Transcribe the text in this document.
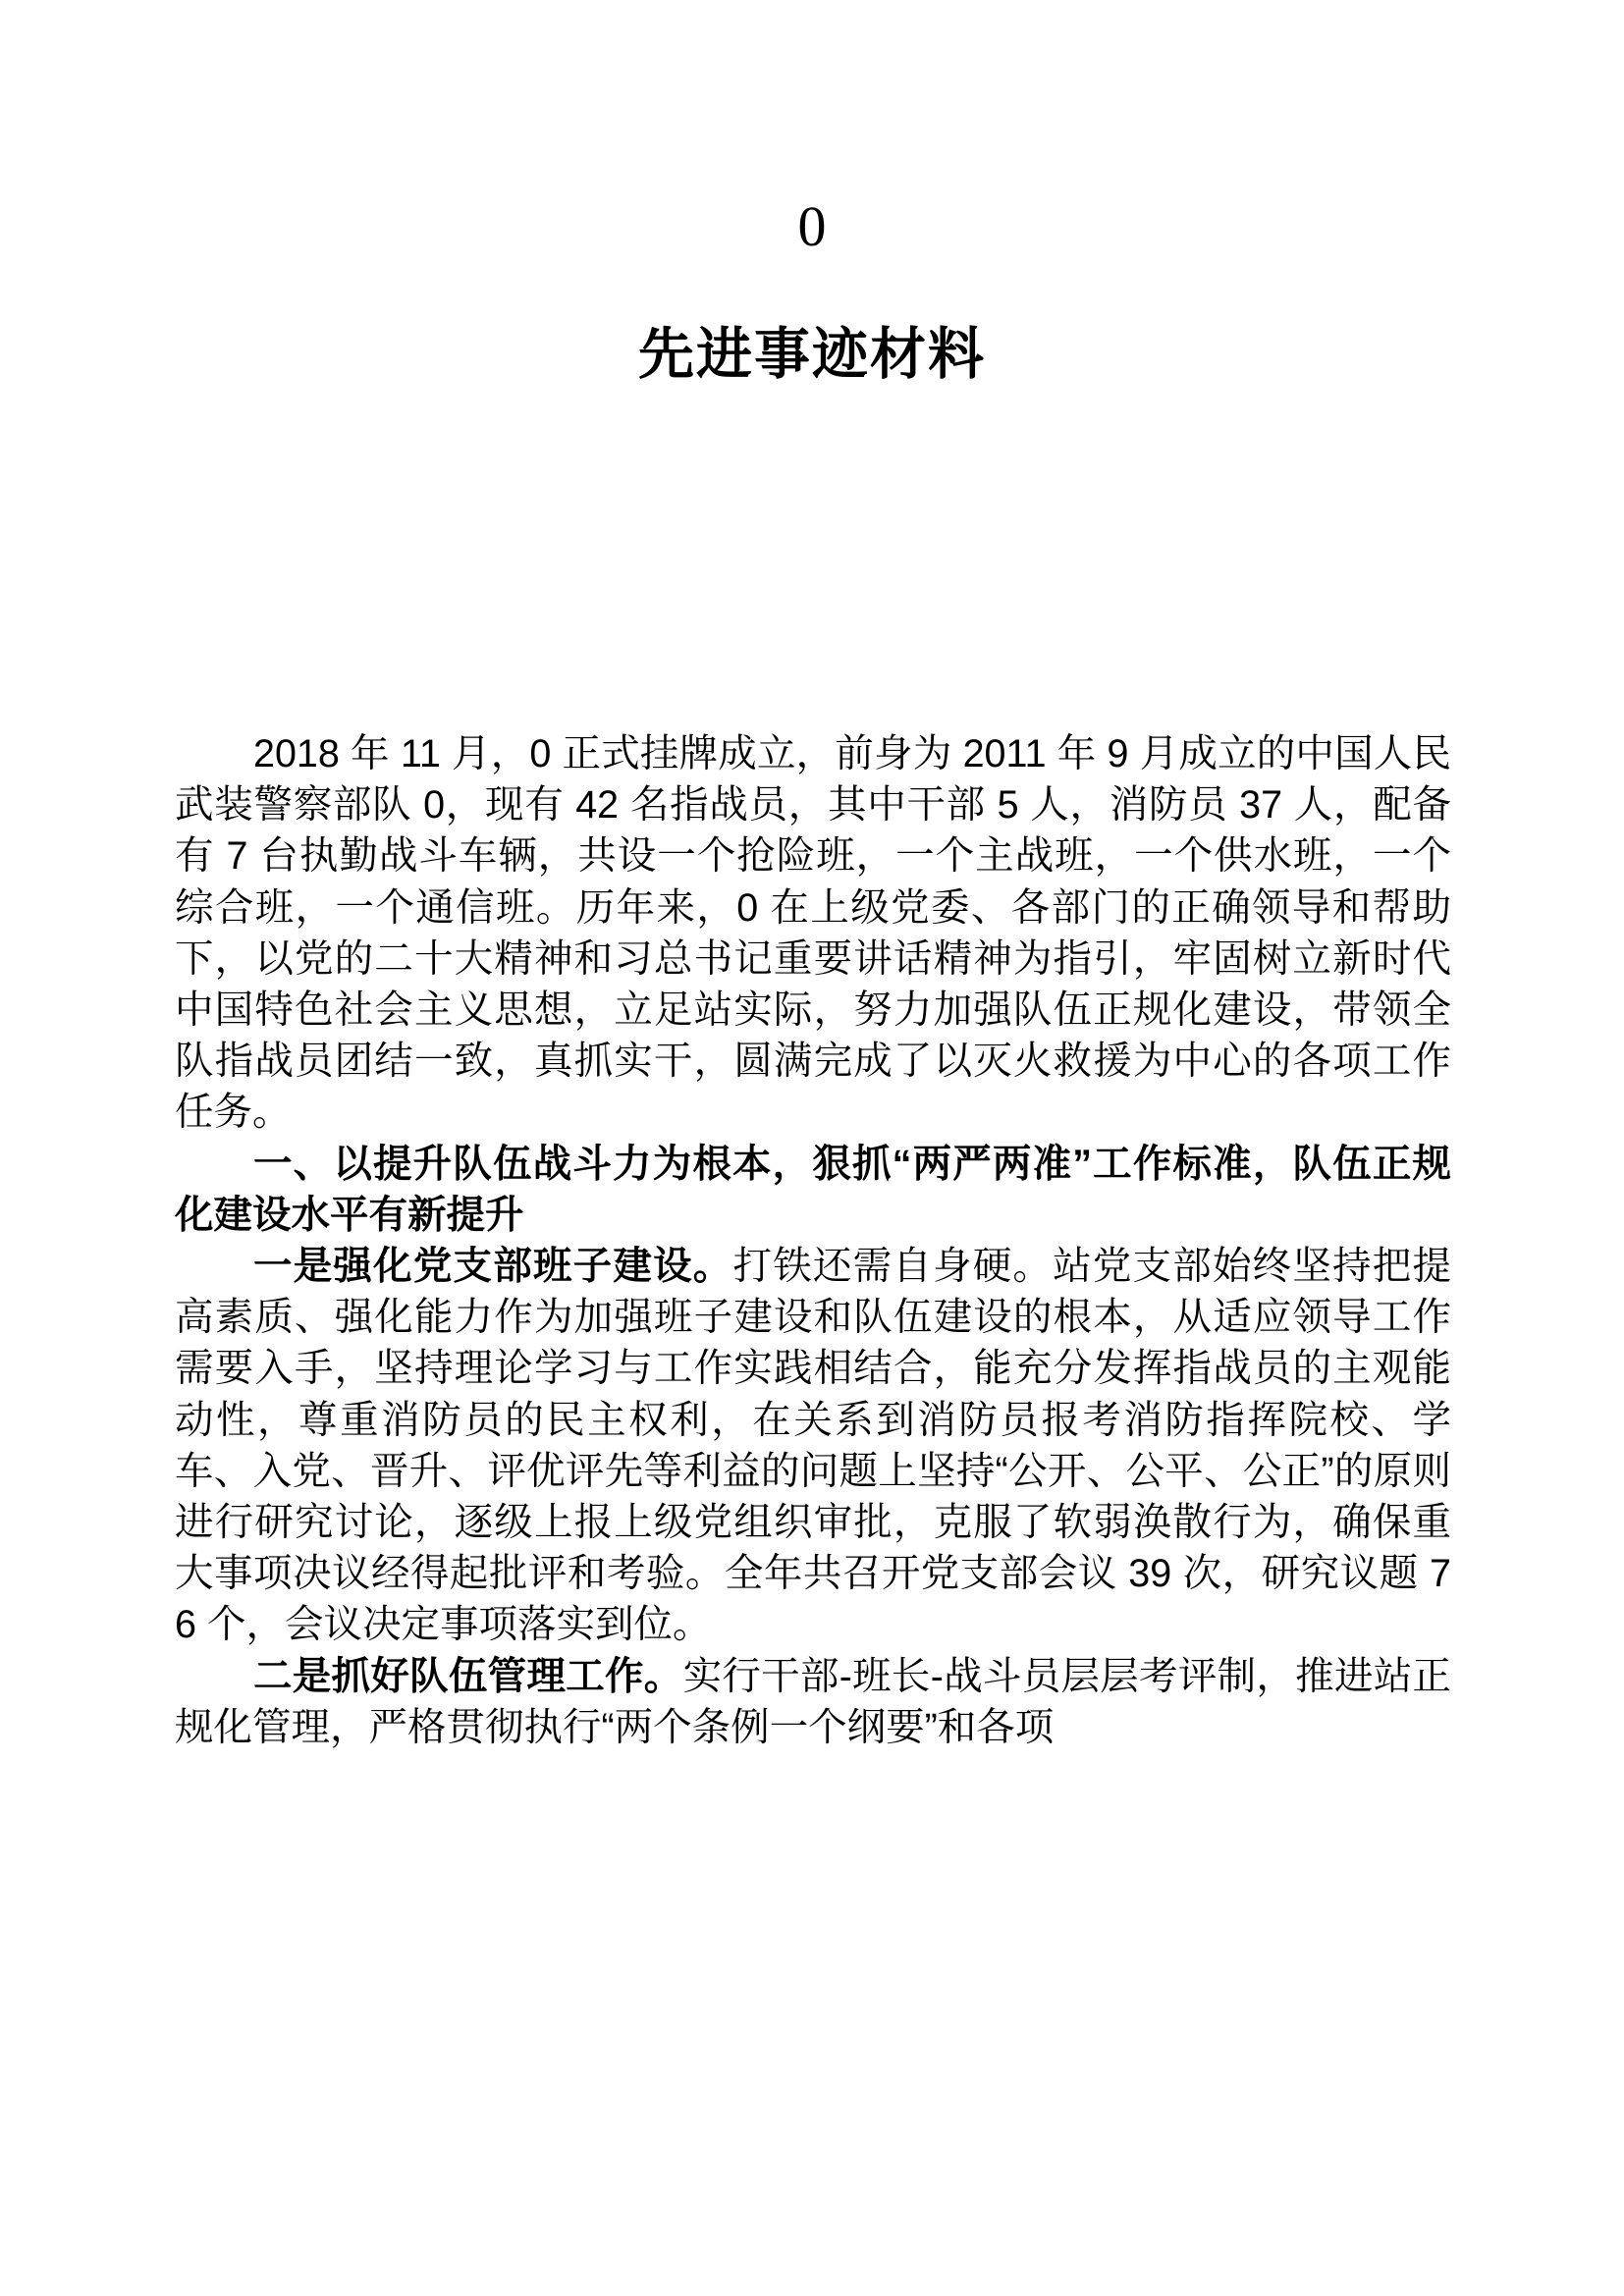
0
先进事迹材料

2018 年 11 月，0 正式挂牌成立，前身为 2011 年 9 月成立的中国人民武装警察部队 0，现有 42 名指战员，其中干部 5 人，消防员 37 人，配备有 7 台执勤战斗车辆，共设一个抢险班，一个主战班，一个供水班，一个综合班，一个通信班。历年来，0 在上级党委、各部门的正确领导和帮助下，以党的二十大精神和习总书记重要讲话精神为指引，牢固树立新时代中国特色社会主义思想，立足站实际，努力加强队伍正规化建设，带领全队指战员团结一致，真抓实干，圆满完成了以灭火救援为中心的各项工作任务。

一、以提升队伍战斗力为根本，狠抓“两严两准”工作标准，队伍正规化建设水平有新提升

一是强化党支部班子建设。打铁还需自身硬。站党支部始终坚持把提高素质、强化能力作为加强班子建设和队伍建设的根本，从适应领导工作需要入手，坚持理论学习与工作实践相结合，能充分发挥指战员的主观能动性，尊重消防员的民主权利，在关系到消防员报考消防指挥院校、学车、入党、晋升、评优评先等利益的问题上坚持“公开、公平、公正”的原则进行研究讨论，逐级上报上级党组织审批，克服了软弱涣散行为，确保重大事项决议经得起批评和考验。全年共召开党支部会议 39 次，研究议题 76 个，会议决定事项落实到位。

二是抓好队伍管理工作。实行干部-班长-战斗员层层考评制，推进站正规化管理，严格贯彻执行“两个条例一个纲要”和各项
